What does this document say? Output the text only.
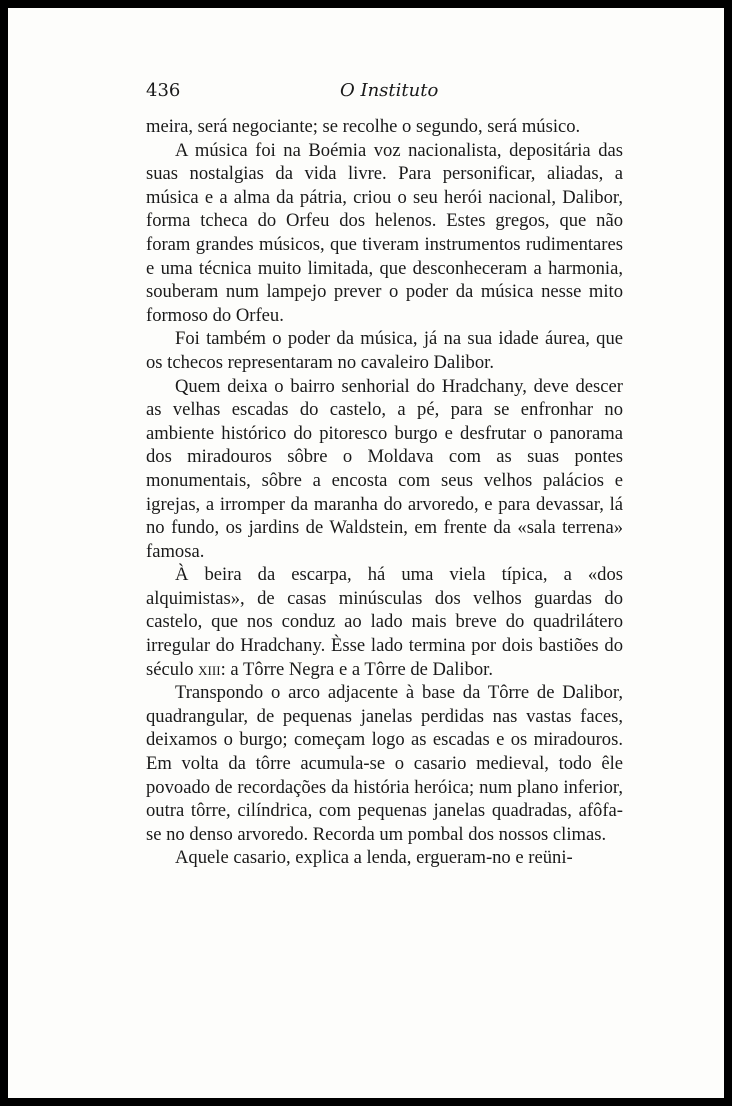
436	O Instituto

meira, será negociante; se recolhe o segundo, será músico.

A música foi na Boémia voz nacionalista, depositária das suas nostalgias da vida livre. Para personificar, aliadas, a música e a alma da pátria, criou o seu herói nacional, Dalibor, forma tcheca do Orfeu dos helenos. Estes gregos, que não foram grandes músicos, que tiveram instrumentos rudimentares e uma técnica muito limitada, que desconheceram a harmonia, souberam num lampejo prever o poder da música nesse mito formoso do Orfeu.

Foi também o poder da música, já na sua idade áurea, que os tchecos representaram no cavaleiro Dalibor.

Quem deixa o bairro senhorial do Hradchany, deve descer as velhas escadas do castelo, a pé, para se enfronhar no ambiente histórico do pitoresco burgo e desfrutar o panorama dos miradouros sôbre o Moldava com as suas pontes monumentais, sôbre a encosta com seus velhos palácios e igrejas, a irromper da maranha do arvoredo, e para devassar, lá no fundo, os jardins de Waldstein, em frente da «sala terrena» famosa.

À beira da escarpa, há uma viela típica, a «dos alquimistas», de casas minúsculas dos velhos guardas do castelo, que nos conduz ao lado mais breve do quadrilátero irregular do Hradchany. Èsse lado termina por dois bastiões do século xiii: a Tôrre Negra e a Tôrre de Dalibor.

Transpondo o arco adjacente à base da Tôrre de Dalibor, quadrangular, de pequenas janelas perdidas nas vastas faces, deixamos o burgo; começam logo as escadas e os miradouros. Em volta da tôrre acumula-se o casario medieval, todo êle povoado de recordações da história heróica; num plano inferior, outra tôrre, cilíndrica, com pequenas janelas quadradas, afôfa-se no denso arvoredo. Recorda um pombal dos nossos climas.

Aquele casario, explica a lenda, ergueram-no e reüni-
